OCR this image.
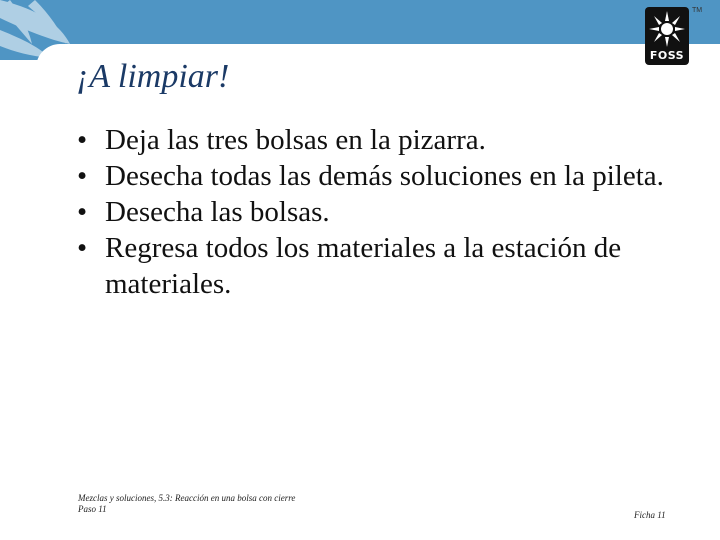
FOSS
TM
¡A limpiar!
• Deja las tres bolsas en la pizarra.
• Desecha todas las demás soluciones en la pileta.
• Desecha las bolsas.
• Regresa todos los materiales a la estación de materiales.
Mezclas y soluciones, 5.3: Reacción en una bolsa con cierre
Paso 11
Ficha 11
